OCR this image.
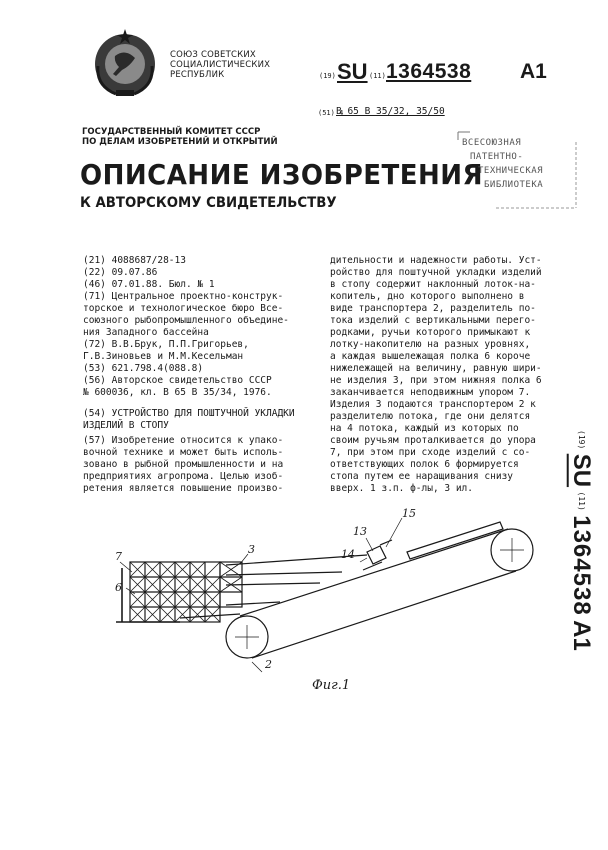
СОЮЗ СОВЕТСКИХ
СОЦИАЛИСТИЧЕСКИХ
РЕСПУБЛИК	(19) SU (11) 1364538 A1
(51) 4
B 65 B 35/32, 35/50
ГОСУДАРСТВЕННЫЙ КОМИТЕТ СССР
ПО ДЕЛАМ ИЗОБРЕТЕНИЙ И ОТКРЫТИЙ
ОПИСАНИЕ ИЗОБРЕТЕНИЯ
К АВТОРСКОМУ СВИДЕТЕЛЬСТВУ
ВСЕСОЮЗНАЯ
ПАТЕНТНО-
ТЕХНИЧЕСКАЯ
БИБЛИОТЕКА
(21) 4088687/28-13
(22) 09.07.86
(46) 07.01.88. Бюл. № 1
(71) Центральное проектно-конструк-
торское и технологическое бюро Все-
союзного рыбопромышленного объедине-
ния Западного бассейна
(72) В.В.Брук, П.П.Григорьев,
Г.В.Зиновьев и М.М.Кесельман
(53) 621.798.4(088.8)
(56) Авторское свидетельство СССР
№ 600036, кл. В 65 В 35/34, 1976.
(54) УСТРОЙСТВО ДЛЯ ПОШТУЧНОЙ УКЛАДКИ
ИЗДЕЛИЙ В СТОПУ
(57) Изобретение относится к упако-
вочной технике и может быть исполь-
зовано в рыбной промышленности и на
предприятиях агропрома. Целью изоб-
ретения является повышение произво-
дительности и надежности работы. Уст-
ройство для поштучной укладки изделий
в стопу содержит наклонный лоток-на-
копитель, дно которого выполнено в
виде транспортера 2, разделитель по-
тока изделий с вертикальными перего-
родками, ручьи которого примыкают к
лотку-накопителю на разных уровнях,
а каждая вышележащая полка 6 короче
нижележащей на величину, равную шири-
не изделия 3, при этом нижняя полка 6
заканчивается неподвижным упором 7.
Изделия 3 подаются транспортером 2 к
разделителю потока, где они делятся
на 4 потока, каждый из которых по
своим ручьям проталкивается до упора
7, при этом при сходе изделий с со-
ответствующих полок 6 формируется
стопа путем ее наращивания снизу
вверх. 1 з.п. ф-лы, 3 ил.
(19) SU (11) 1364538 A1
7
6
3
2
13
14
15
Фиг.1
